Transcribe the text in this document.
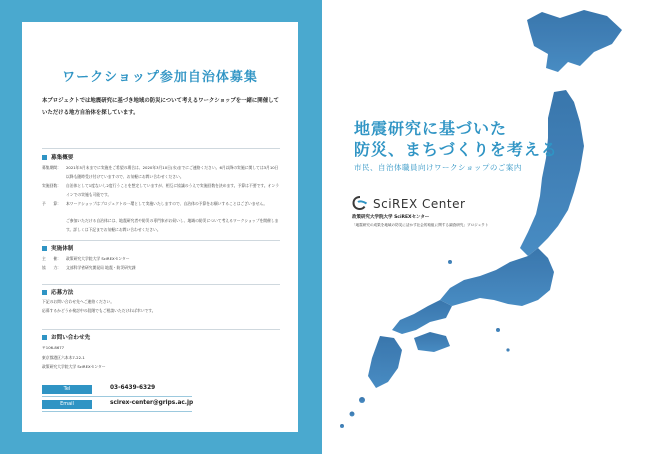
ワークショップ参加自治体募集
本プロジェクトでは地震研究に基づき地域の防災について考えるワークショップを一緒に開催していただける地方自治体を探しています。
募集概要
募集期間：	2021年5月末までに実施をご希望の場合は、2020年3月10日(水)までにご連絡ください。6月以降の実施に関しては3月10日以降も随時受け付けていますので、お気軽にお問い合わせください。
実施回数：	自治体として1度ないし2度行うことを想定していますが、相互に協議のうえで実施回数を決めます。予算は不要です。オンラインでの実施も可能です。
予　　算：	本ワークショップはプロジェクトの一環として実施いたしますので、自治体の予算をお願いすることはございません。
ご参加いただける自治体には、地震研究者や防災の専門家がお伺いし、地域の防災について考えるワークショップを開催します。詳しくは下記までお気軽にお問い合わせください。
実施体制
主　　催：	政策研究大学院大学 SciREXセンター
協　　力：	文部科学省研究開発局 地震・防災研究課
応募方法
下記のお問い合わせ先へご連絡ください。
応募するかどうか検討中の段階でもご相談いただければ幸いです。
お問い合わせ先
〒106-8677
東京都港区六本木7-22-1
政策研究大学院大学 SciREXセンター
Tel	03-6439-6329
Email	scirex-center@grips.ac.jp
地震研究に基づいた
防災、まちづくりを考える
市民、自治体職員向けワークショップのご案内
SciREX Center
政策研究大学院大学 SciREXセンター
「地震研究の成果を地域の防災に活かす社会的取組に関する調査研究」プロジェクト
